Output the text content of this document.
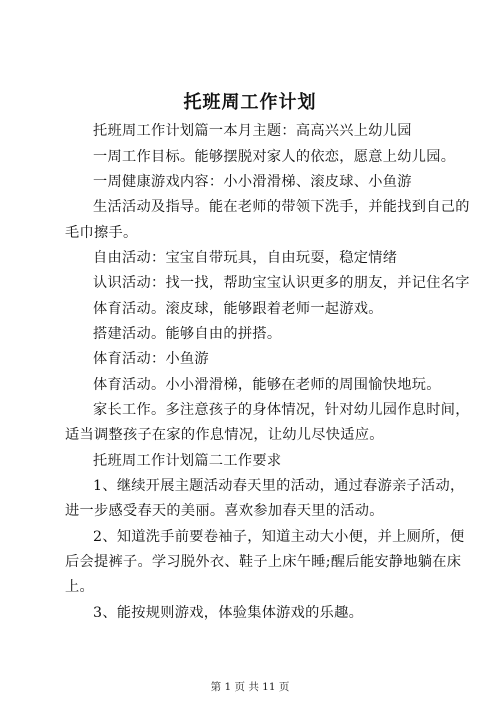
托班周工作计划
托班周工作计划篇一本月主题：高高兴兴上幼儿园
一周工作目标。能够摆脱对家人的依恋，愿意上幼儿园。
一周健康游戏内容：小小滑滑梯、滚皮球、小鱼游
生活活动及指导。能在老师的带领下洗手，并能找到自己的
毛巾擦手。
自由活动：宝宝自带玩具，自由玩耍，稳定情绪
认识活动：找一找，帮助宝宝认识更多的朋友，并记住名字
体育活动。滚皮球，能够跟着老师一起游戏。
搭建活动。能够自由的拼搭。
体育活动：小鱼游
体育活动。小小滑滑梯，能够在老师的周围愉快地玩。
家长工作。多注意孩子的身体情况，针对幼儿园作息时间，
适当调整孩子在家的作息情况，让幼儿尽快适应。
托班周工作计划篇二工作要求
1、继续开展主题活动春天里的活动，通过春游亲子活动，
进一步感受春天的美丽。喜欢参加春天里的活动。
2、知道洗手前要卷袖子，知道主动大小便，并上厕所，便
后会提裤子。学习脱外衣、鞋子上床午睡;醒后能安静地躺在床
上。
3、能按规则游戏，体验集体游戏的乐趣。
第 1 页 共 11 页
